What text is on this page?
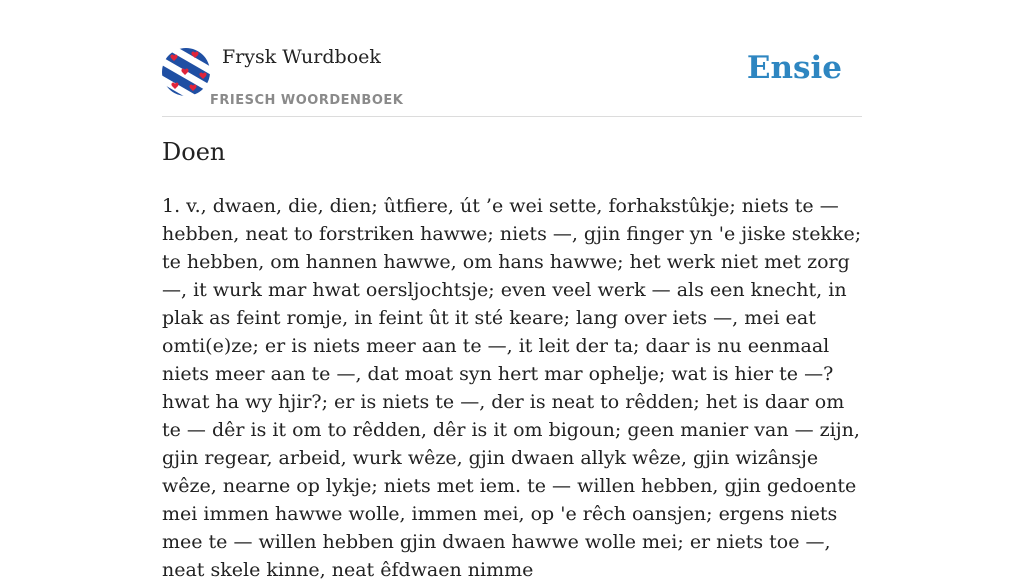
Frysk Wurdboek
FRIESCH WOORDENBOEK
Ensie
Doen

1. v., dwaen, die, dien; ûtfiere, út ’e wei sette, forhakstûkje; niets te — hebben, neat to forstriken hawwe; niets —, gjin finger yn 'e jiske stekke; te hebben, om hannen hawwe, om hans hawwe; het werk niet met zorg —, it wurk mar hwat oersljochtsje; even veel werk — als een knecht, in plak as feint romje, in feint ût it sté keare; lang over iets —, mei eat omti(e)ze; er is niets meer aan te —, it leit der ta; daar is nu eenmaal niets meer aan te —, dat moat syn hert mar ophelje; wat is hier te —? hwat ha wy hjir?; er is niets te —, der is neat to rêdden; het is daar om te — dêr is it om to rêdden, dêr is it om bigoun; geen manier van — zijn, gjin regear, arbeid, wurk wêze, gjin dwaen allyk wêze, gjin wizânsje wêze, nearne op lykje; niets met iem. te — willen hebben, gjin gedoente mei immen hawwe wolle, immen mei, op 'e rêch oansjen; ergens niets mee te — willen hebben gjin dwaen hawwe wolle mei; er niets toe —, neat skele kinne, neat êfdwaen nimme
